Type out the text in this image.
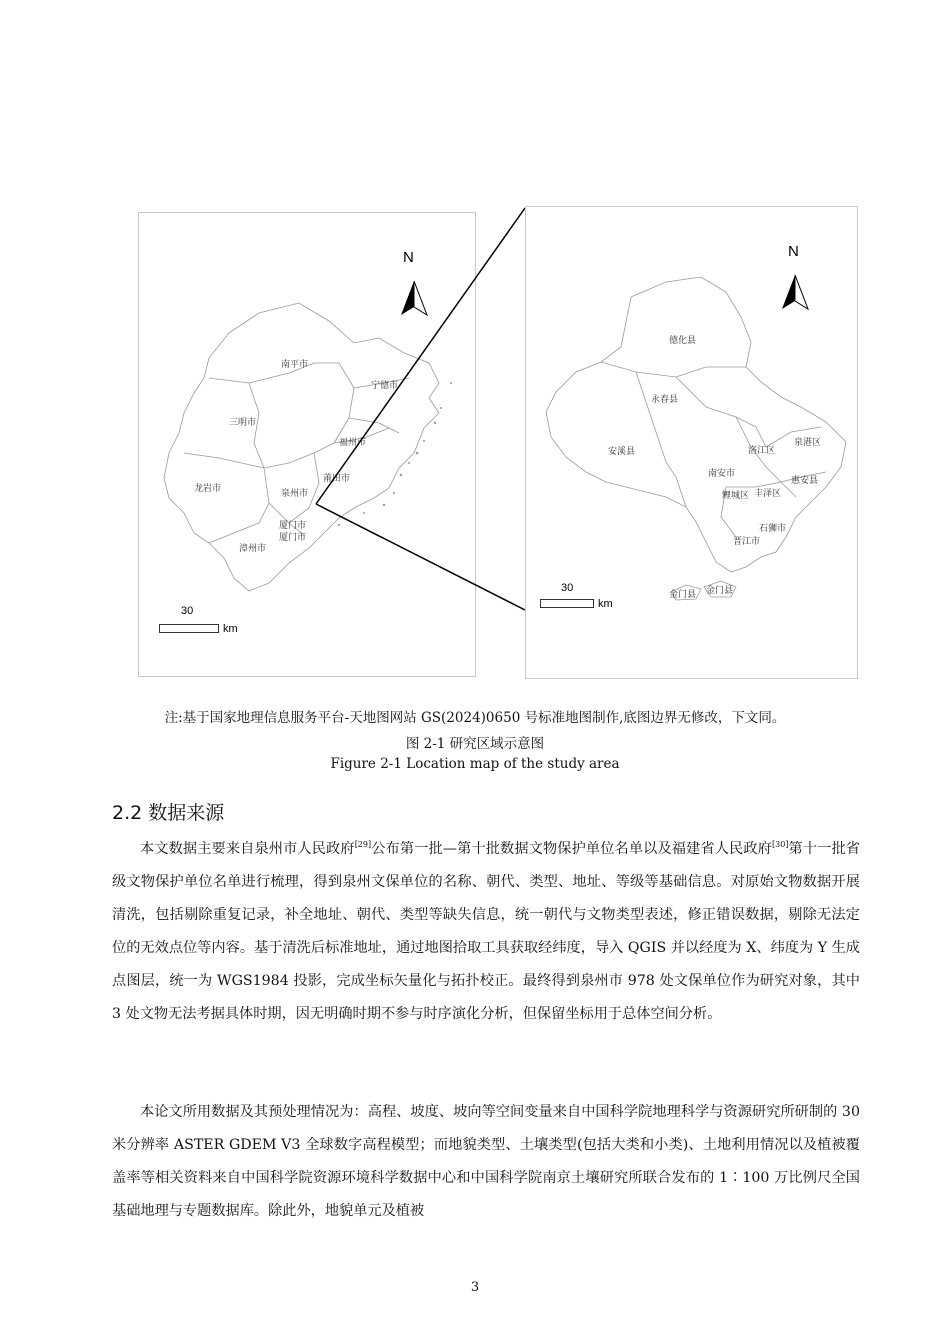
N
南平市
宁德市
三明市
福州市
莆田市
龙岩市	泉州市
厦门市
厦门市
漳州市
30
km
N
德化县
永春县
安溪县	洛江区
泉港区
南安市
惠安县
鲤城区 丰泽区
石狮市
晋江市
金门县 金门县
30
km
注:基于国家地理信息服务平台-天地图网站 GS(2024)0650 号标准地图制作,底图边界无修改，下文同。
图 2-1 研究区域示意图
Figure 2-1 Location map of the study area
2.2 数据来源

本文数据主要来自泉州市人民政府[29]公布第一批—第十批数据文物保护单位名单以及福建省人民政府[30]第十一批省级文物保护单位名单进行梳理，得到泉州文保单位的名称、朝代、类型、地址、等级等基础信息。对原始文物数据开展清洗，包括剔除重复记录，补全地址、朝代、类型等缺失信息，统一朝代与文物类型表述，修正错误数据，剔除无法定位的无效点位等内容。基于清洗后标准地址，通过地图拾取工具获取经纬度，导入 QGIS 并以经度为 X、纬度为 Y 生成点图层，统一为 WGS1984 投影，完成坐标矢量化与拓扑校正。最终得到泉州市 978 处文保单位作为研究对象，其中 3 处文物无法考据具体时期，因无明确时期不参与时序演化分析，但保留坐标用于总体空间分析。

本论文所用数据及其预处理情况为：高程、坡度、坡向等空间变量来自中国科学院地理科学与资源研究所研制的 30 米分辨率 ASTER GDEM V3 全球数字高程模型；而地貌类型、土壤类型(包括大类和小类)、土地利用情况以及植被覆盖率等相关资料来自中国科学院资源环境科学数据中心和中国科学院南京土壤研究所联合发布的 1∶100 万比例尺全国基础地理与专题数据库。除此外，地貌单元及植被

3
